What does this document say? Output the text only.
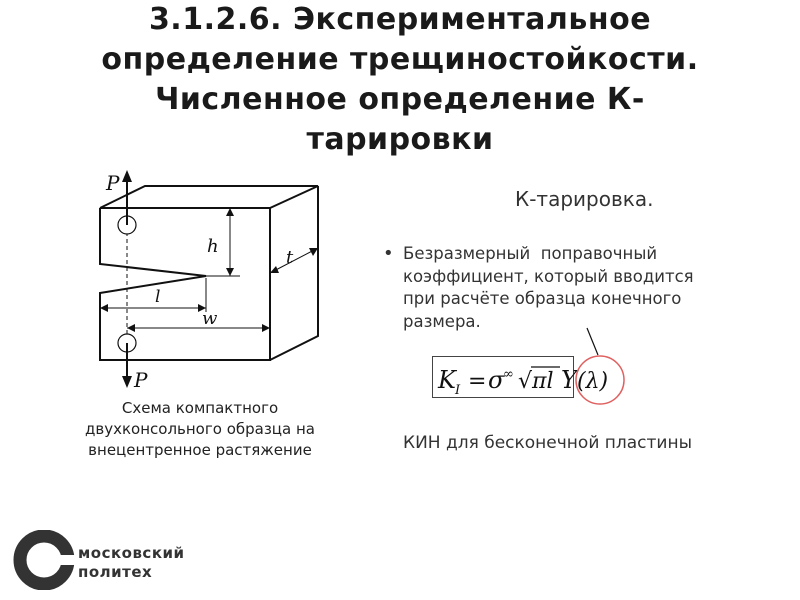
3.1.2.6. Экспериментальное
определение трещиностойкости.
Численное определение К-
тарировки
P
P
h
l
w
t
Схема компактного
двухконсольного образца на
внецентренное растяжение
К-тарировка.
• Безразмерный  поправочный
коэффициент, который вводится
при расчёте образца конечного
размера.
K I = σ
∞ √ πl Y (λ)
КИН для бесконечной пластины
московский
политех
